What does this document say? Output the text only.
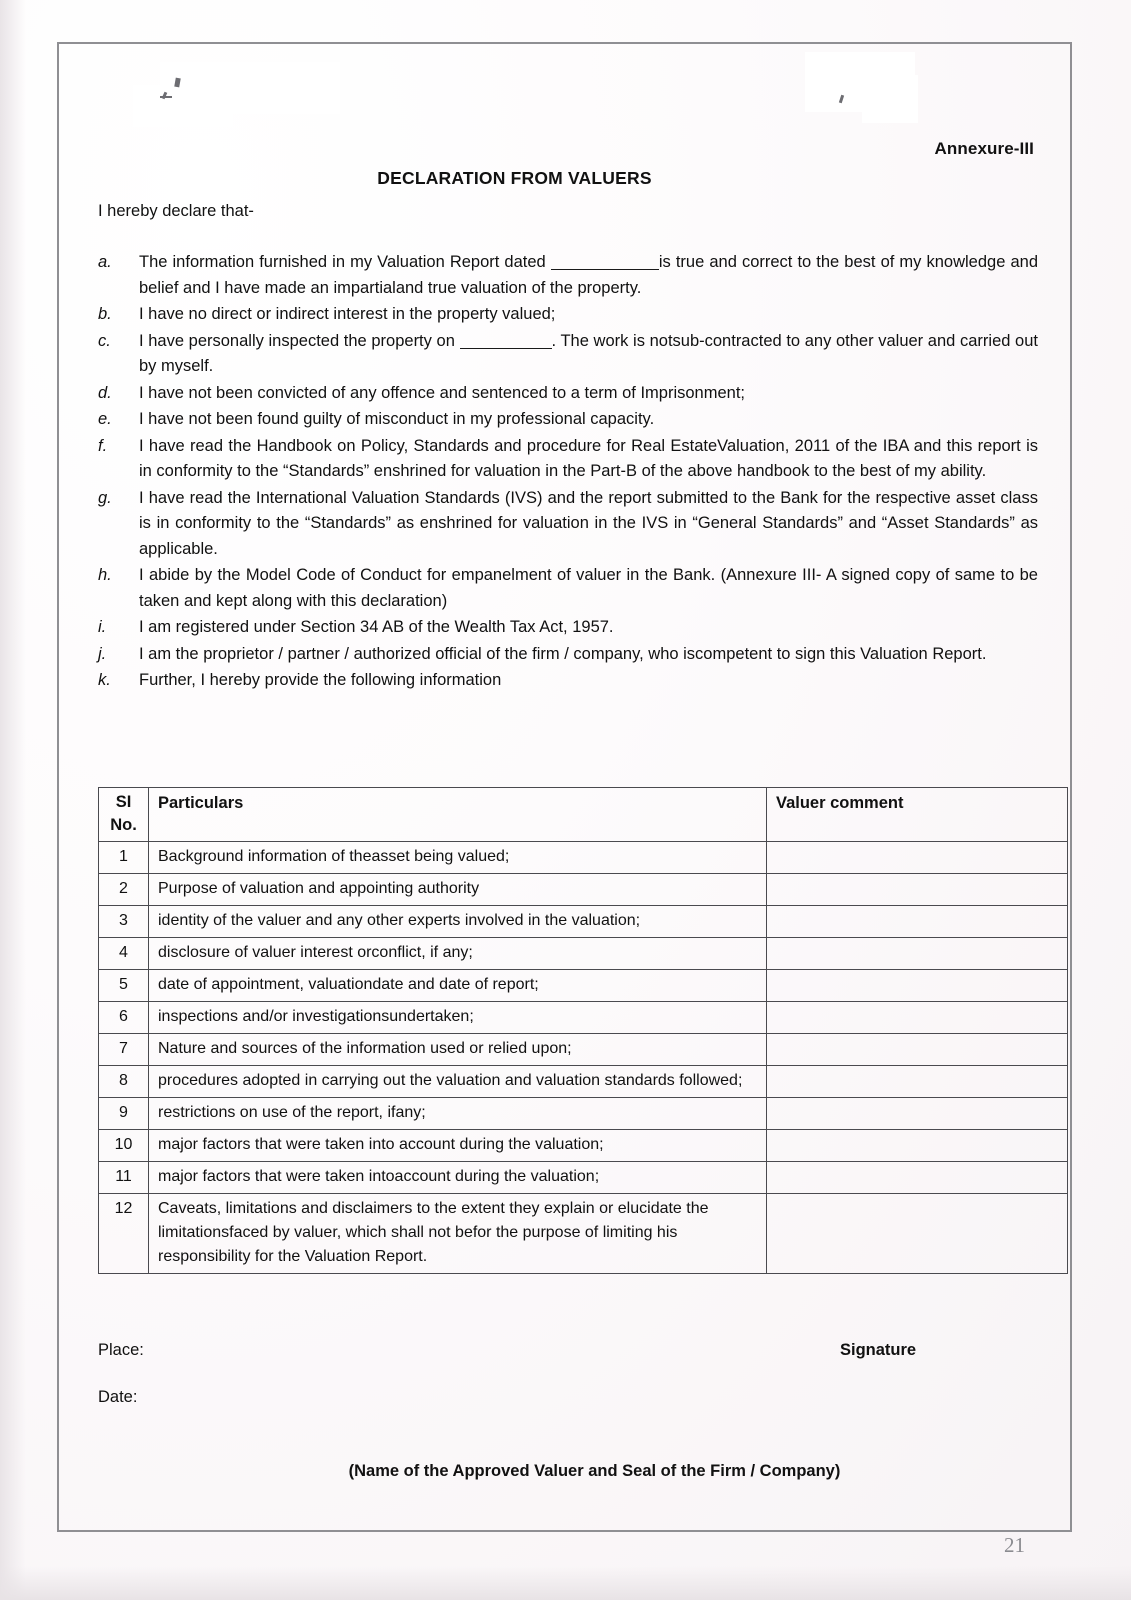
Annexure-III
DECLARATION FROM VALUERS
I hereby declare that-
a.	The information furnished in my Valuation Report dated	is true and correct to the best of my knowledge and belief and I have made an impartialand true valuation of the property.
b.	I have no direct or indirect interest in the property valued;
c.	I have personally inspected the property on	. The work is notsub-contracted to any other valuer and carried out by myself.
d.	I have not been convicted of any offence and sentenced to a term of Imprisonment;
e.	I have not been found guilty of misconduct in my professional capacity.
f.	I have read the Handbook on Policy, Standards and procedure for Real EstateValuation, 2011 of the IBA and this report is in conformity to the “Standards” enshrined for valuation in the Part-B of the above handbook to the best of my ability.
g.	I have read the International Valuation Standards (IVS) and the report submitted to the Bank for the respective asset class is in conformity to the “Standards” as enshrined for valuation in the IVS in “General Standards” and “Asset Standards” as applicable.
h.	I abide by the Model Code of Conduct for empanelment of valuer in the Bank. (Annexure III- A signed copy of same to be taken and kept along with this declaration)
i.	I am registered under Section 34 AB of the Wealth Tax Act, 1957.
j.	I am the proprietor / partner / authorized official of the firm / company, who iscompetent to sign this Valuation Report.
k.	Further, I hereby provide the following information
SI
No.	Particulars	Valuer comment
1	Background information of theasset being valued;	
2	Purpose of valuation and appointing authority	
3	identity of the valuer and any other experts involved in the valuation;	
4	disclosure of valuer interest orconflict, if any;	
5	date of appointment, valuationdate and date of report;	
6	inspections and/or investigationsundertaken;	
7	Nature and sources of the information used or relied upon;	
8	procedures adopted in carrying out the valuation and valuation standards followed;	
9	restrictions on use of the report, ifany;	
10	major factors that were taken into account during the valuation;	
11	major factors that were taken intoaccount during the valuation;	
12	Caveats, limitations and disclaimers to the extent they explain or elucidate the limitationsfaced by valuer, which shall not befor the purpose of limiting his responsibility for the Valuation Report.	
Place:
Date:
Signature
(Name of the Approved Valuer and Seal of the Firm / Company)
21
